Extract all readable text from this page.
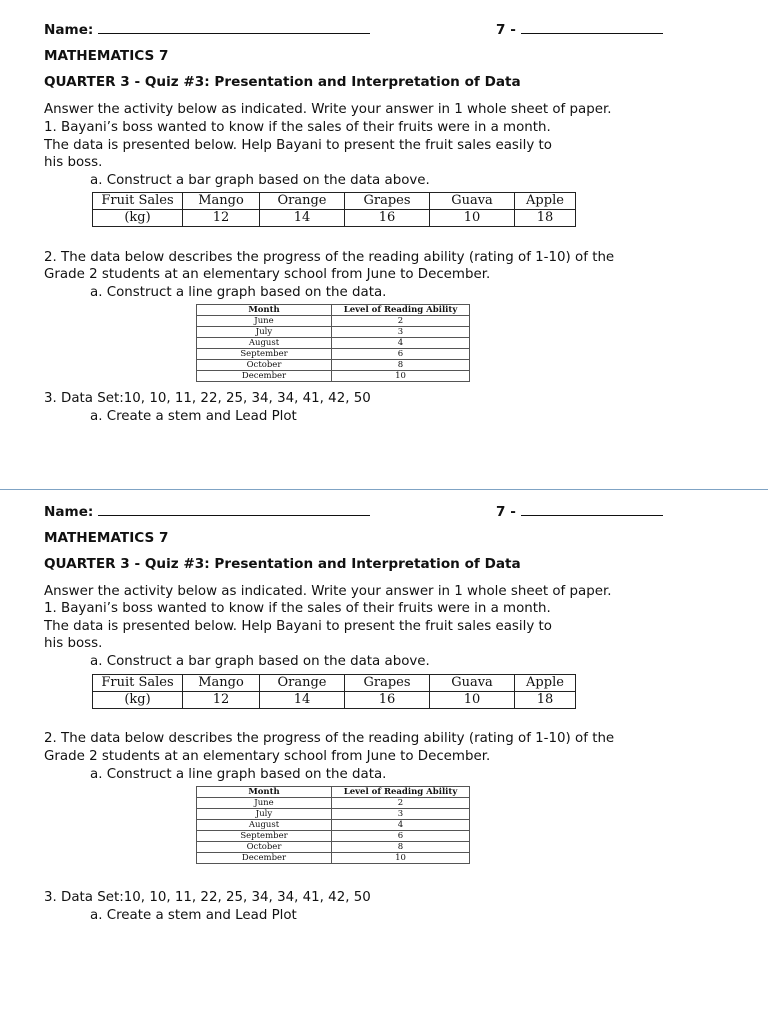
Name:	7 -
MATHEMATICS 7
QUARTER 3 - Quiz #3: Presentation and Interpretation of Data
Answer the activity below as indicated. Write your answer in 1 whole sheet of paper.
1. Bayani’s boss wanted to know if the sales of their fruits were in a month.
The data is presented below. Help Bayani to present the fruit sales easily to
his boss.
a. Construct a bar graph based on the data above.
Fruit Sales	Mango	Orange	Grapes	Guava	Apple
(kg)	12	14	16	10	18
2. The data below describes the progress of the reading ability (rating of 1-10) of the
Grade 2 students at an elementary school from June to December.
a. Construct a line graph based on the data.
Month	Level of Reading Ability
June	2
July	3
August	4
September	6
October	8
December	10
3. Data Set:10, 10, 11, 22, 25, 34, 34, 41, 42, 50
a. Create a stem and Lead Plot
Name:	7 -
MATHEMATICS 7
QUARTER 3 - Quiz #3: Presentation and Interpretation of Data
Answer the activity below as indicated. Write your answer in 1 whole sheet of paper.
1. Bayani’s boss wanted to know if the sales of their fruits were in a month.
The data is presented below. Help Bayani to present the fruit sales easily to
his boss.
a. Construct a bar graph based on the data above.
Fruit Sales	Mango	Orange	Grapes	Guava	Apple
(kg)	12	14	16	10	18
2. The data below describes the progress of the reading ability (rating of 1-10) of the
Grade 2 students at an elementary school from June to December.
a. Construct a line graph based on the data.
Month	Level of Reading Ability
June	2
July	3
August	4
September	6
October	8
December	10
3. Data Set:10, 10, 11, 22, 25, 34, 34, 41, 42, 50
a. Create a stem and Lead Plot
